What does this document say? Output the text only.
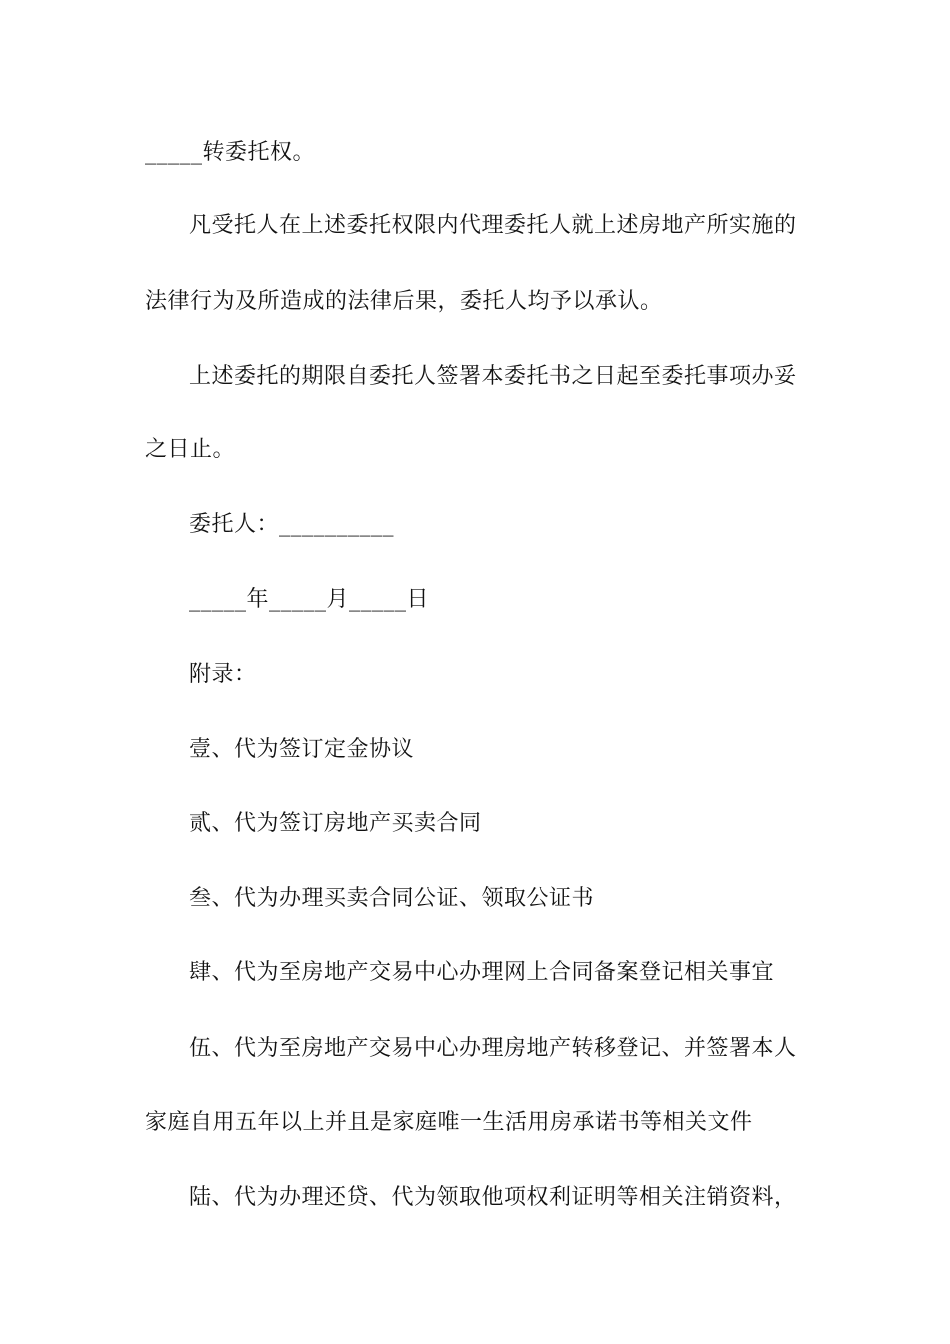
_____转委托权。
凡受托人在上述委托权限内代理委托人就上述房地产所实施的
法律行为及所造成的法律后果，委托人均予以承认。
上述委托的期限自委托人签署本委托书之日起至委托事项办妥
之日止。
委托人：__________
_____年_____月_____日
附录：
壹、代为签订定金协议
贰、代为签订房地产买卖合同
叁、代为办理买卖合同公证、领取公证书
肆、代为至房地产交易中心办理网上合同备案登记相关事宜
伍、代为至房地产交易中心办理房地产转移登记、并签署本人
家庭自用五年以上并且是家庭唯一生活用房承诺书等相关文件
陆、代为办理还贷、代为领取他项权利证明等相关注销资料，
